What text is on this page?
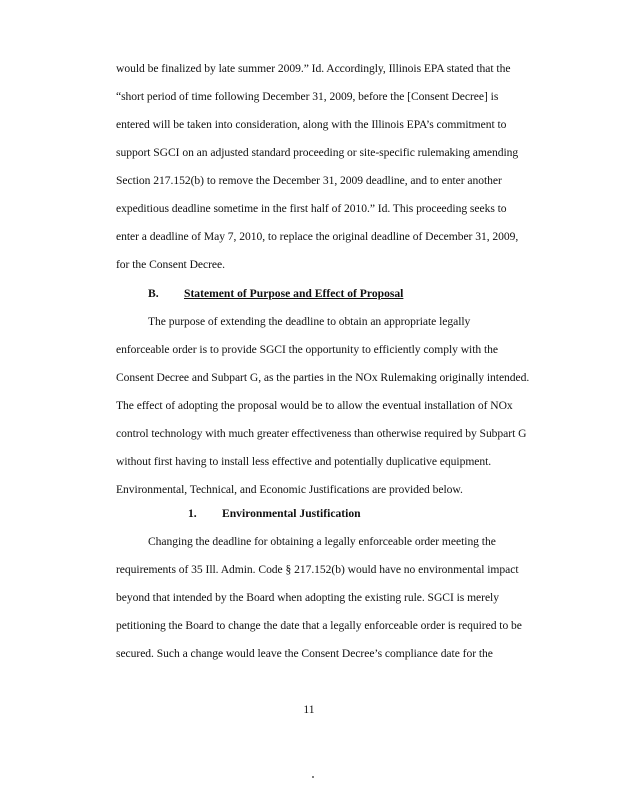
would be finalized by late summer 2009.” Id. Accordingly, Illinois EPA stated that the
“short period of time following December 31, 2009, before the [Consent Decree] is
entered will be taken into consideration, along with the Illinois EPA’s commitment to
support SGCI on an adjusted standard proceeding or site-specific rulemaking amending
Section 217.152(b) to remove the December 31, 2009 deadline, and to enter another
expeditious deadline sometime in the first half of 2010.” Id. This proceeding seeks to
enter a deadline of May 7, 2010, to replace the original deadline of December 31, 2009,
for the Consent Decree.
B. Statement of Purpose and Effect of Proposal
The purpose of extending the deadline to obtain an appropriate legally
enforceable order is to provide SGCI the opportunity to efficiently comply with the
Consent Decree and Subpart G, as the parties in the NOx Rulemaking originally intended.
The effect of adopting the proposal would be to allow the eventual installation of NOx
control technology with much greater effectiveness than otherwise required by Subpart G
without first having to install less effective and potentially duplicative equipment.
Environmental, Technical, and Economic Justifications are provided below.
1. Environmental Justification
Changing the deadline for obtaining a legally enforceable order meeting the
requirements of 35 Ill. Admin. Code § 217.152(b) would have no environmental impact
beyond that intended by the Board when adopting the existing rule. SGCI is merely
petitioning the Board to change the date that a legally enforceable order is required to be
secured. Such a change would leave the Consent Decree’s compliance date for the
11
